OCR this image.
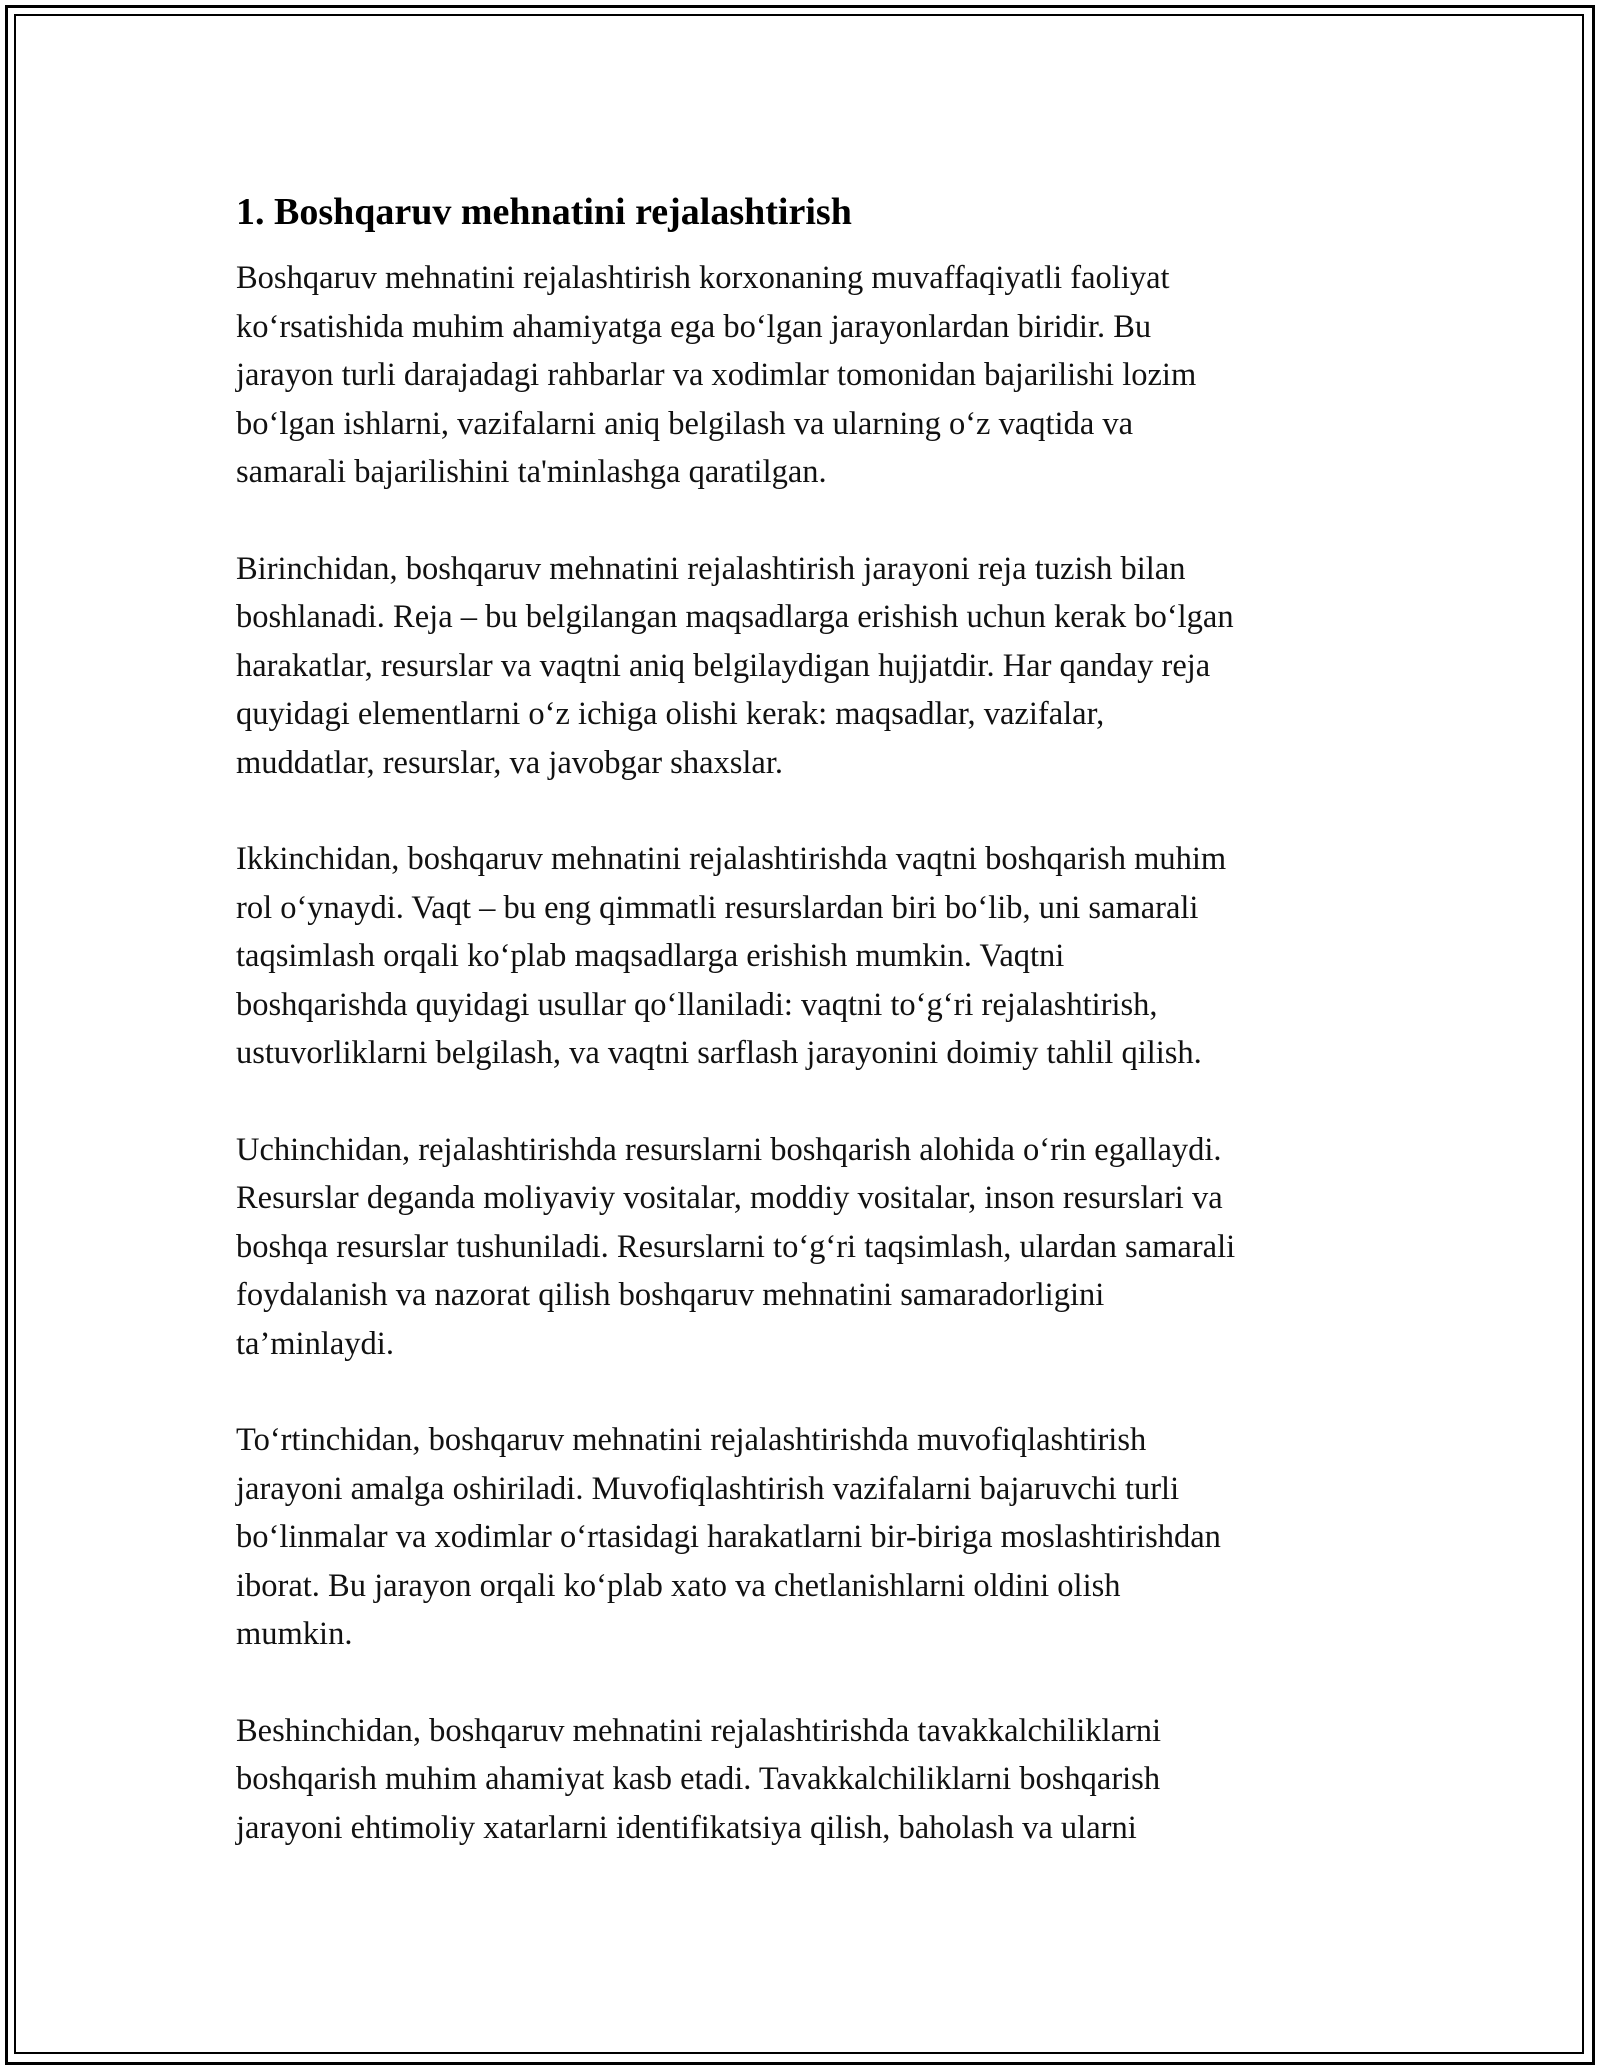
1. Boshqaruv mehnatini rejalashtirish

Boshqaruv mehnatini rejalashtirish korxonaning muvaffaqiyatli faoliyat
koʻrsatishida muhim ahamiyatga ega boʻlgan jarayonlardan biridir. Bu
jarayon turli darajadagi rahbarlar va xodimlar tomonidan bajarilishi lozim
boʻlgan ishlarni, vazifalarni aniq belgilash va ularning oʻz vaqtida va
samarali bajarilishini ta'minlashga qaratilgan.

Birinchidan, boshqaruv mehnatini rejalashtirish jarayoni reja tuzish bilan
boshlanadi. Reja – bu belgilangan maqsadlarga erishish uchun kerak boʻlgan
harakatlar, resurslar va vaqtni aniq belgilaydigan hujjatdir. Har qanday reja
quyidagi elementlarni oʻz ichiga olishi kerak: maqsadlar, vazifalar,
muddatlar, resurslar, va javobgar shaxslar.

Ikkinchidan, boshqaruv mehnatini rejalashtirishda vaqtni boshqarish muhim
rol oʻynaydi. Vaqt – bu eng qimmatli resurslardan biri boʻlib, uni samarali
taqsimlash orqali koʻplab maqsadlarga erishish mumkin. Vaqtni
boshqarishda quyidagi usullar qoʻllaniladi: vaqtni toʻgʻri rejalashtirish,
ustuvorliklarni belgilash, va vaqtni sarflash jarayonini doimiy tahlil qilish.

Uchinchidan, rejalashtirishda resurslarni boshqarish alohida oʻrin egallaydi.
Resurslar deganda moliyaviy vositalar, moddiy vositalar, inson resurslari va
boshqa resurslar tushuniladi. Resurslarni toʻgʻri taqsimlash, ulardan samarali
foydalanish va nazorat qilish boshqaruv mehnatini samaradorligini
ta’minlaydi.

Toʻrtinchidan, boshqaruv mehnatini rejalashtirishda muvofiqlashtirish
jarayoni amalga oshiriladi. Muvofiqlashtirish vazifalarni bajaruvchi turli
boʻlinmalar va xodimlar oʻrtasidagi harakatlarni bir-biriga moslashtirishdan
iborat. Bu jarayon orqali koʻplab xato va chetlanishlarni oldini olish
mumkin.

Beshinchidan, boshqaruv mehnatini rejalashtirishda tavakkalchiliklarni
boshqarish muhim ahamiyat kasb etadi. Tavakkalchiliklarni boshqarish
jarayoni ehtimoliy xatarlarni identifikatsiya qilish, baholash va ularni
